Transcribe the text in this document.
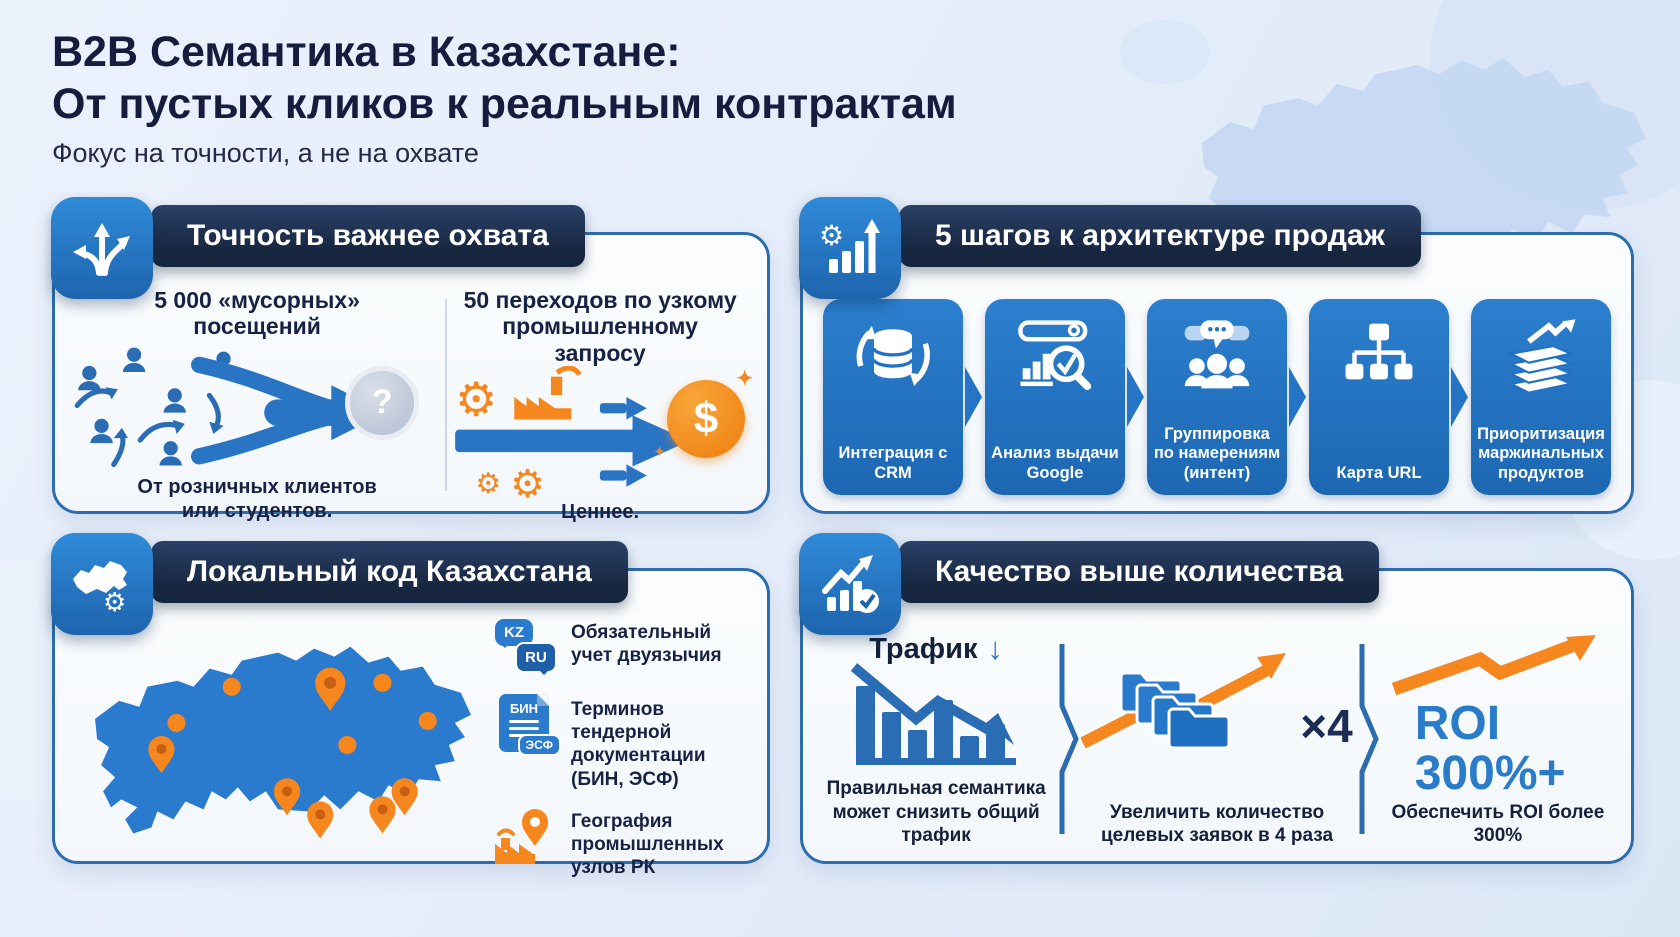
B2B Семантика в Казахстане:
От пустых кликов к реальным контрактам
Фокус на точности, а не на охвате
Точность важнее охвата
5 000 «мусорных» посещений
?
От розничных клиентов или студентов.
50 переходов по узкому промышленному запросу
⚙
⚙ ⚙
$
✦
✦
Ценнее.
⚙	5 шагов к архитектуре продаж
Интеграция с CRM
Анализ выдачи Google
Группировка по намерениям (интент)	Карта URL
Приоритизация маржинальных продуктов
⚙
Локальный код Казахстана
KZ
RU
Обязательный учет двуязычия
БИН
ЭСФ
Терминов тендерной документации (БИН, ЭСФ)
География промышленных узлов РК
Качество выше количества
Трафик ↓
Правильная семантика может снизить общий трафик
×4
Увеличить количество целевых заявок в 4 раза
ROI
300%+
Обеспечить ROI более 300%
